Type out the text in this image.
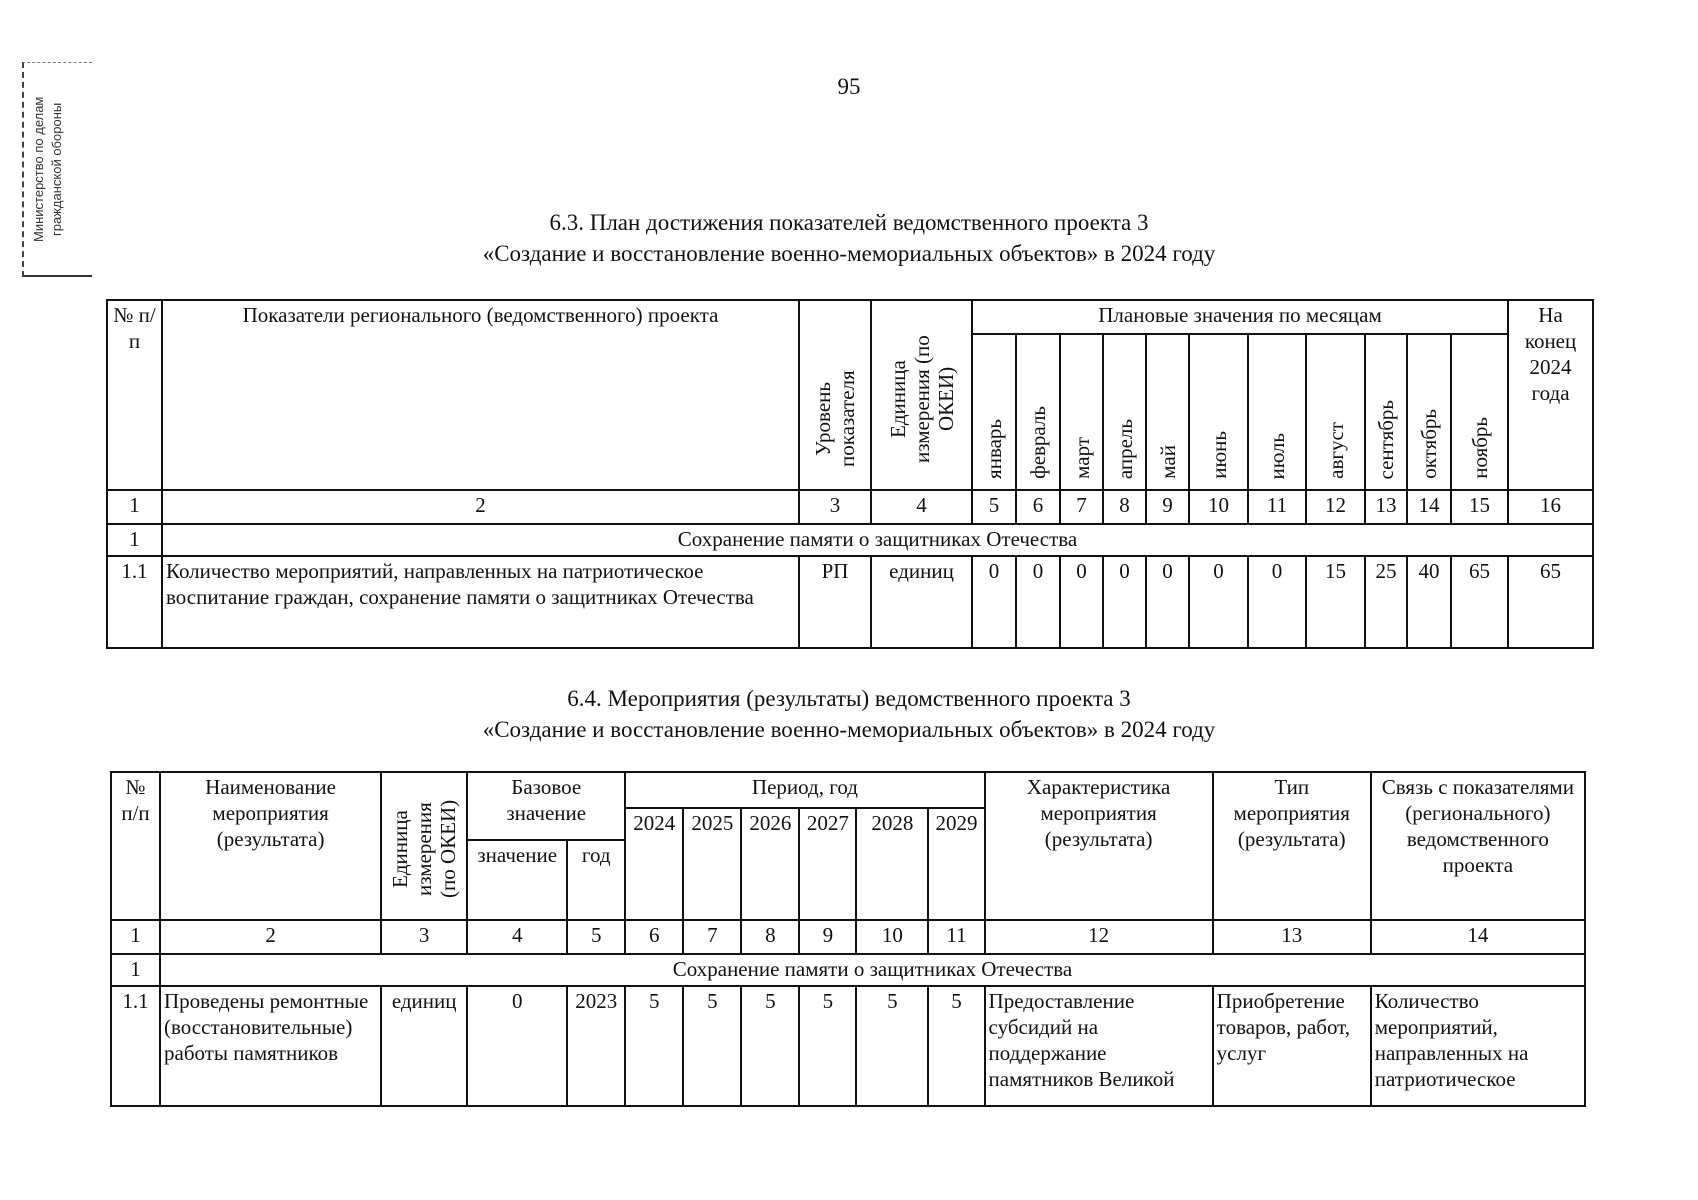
Министерство по делам
гражданской обороны
95
6.3. План достижения показателей ведомственного проекта 3
«Создание и восстановление военно-мемориальных объектов» в 2024 году
№ п/п	Показатели регионального (ведомственного) проекта	Уровень показателя	Единица измерения (по ОКЕИ)	Плановые значения по месяцам											На конец 2024 года
				январь	февраль	март	апрель	май	июнь	июль	август	сентябрь	октябрь	ноябрь	
1	2	3	4	5	6	7	8	9	10	11	12	13	14	15	16
1	Сохранение памяти о защитниках Отечества														
1.1	Количество мероприятий, направленных на патриотическое воспитание граждан, сохранение памяти о защитниках Отечества	РП	единиц	0	0	0	0	0	0	0	15	25	40	65	65
6.4. Мероприятия (результаты) ведомственного проекта 3
«Создание и восстановление военно-мемориальных объектов» в 2024 году
№ п/п	Наименование мероприятия (результата)	Единица измерения (по ОКЕИ)	Базовое значение		Период, год						Характеристика мероприятия (результата)	Тип мероприятия (результата)	Связь с показателями (регионального) ведомственного проекта
					2024	2025	2026	2027	2028	2029			
			значение	год									
1	2	3	4	5	6	7	8	9	10	11	12	13	14
1	Сохранение памяти о защитниках Отечества												
1.1	Проведены ремонтные (восстановительные) работы памятников	единиц	0	2023	5	5	5	5	5	5	Предоставление субсидий на поддержание памятников Великой	Приобретение товаров, работ, услуг	Количество мероприятий, направленных на патриотическое
